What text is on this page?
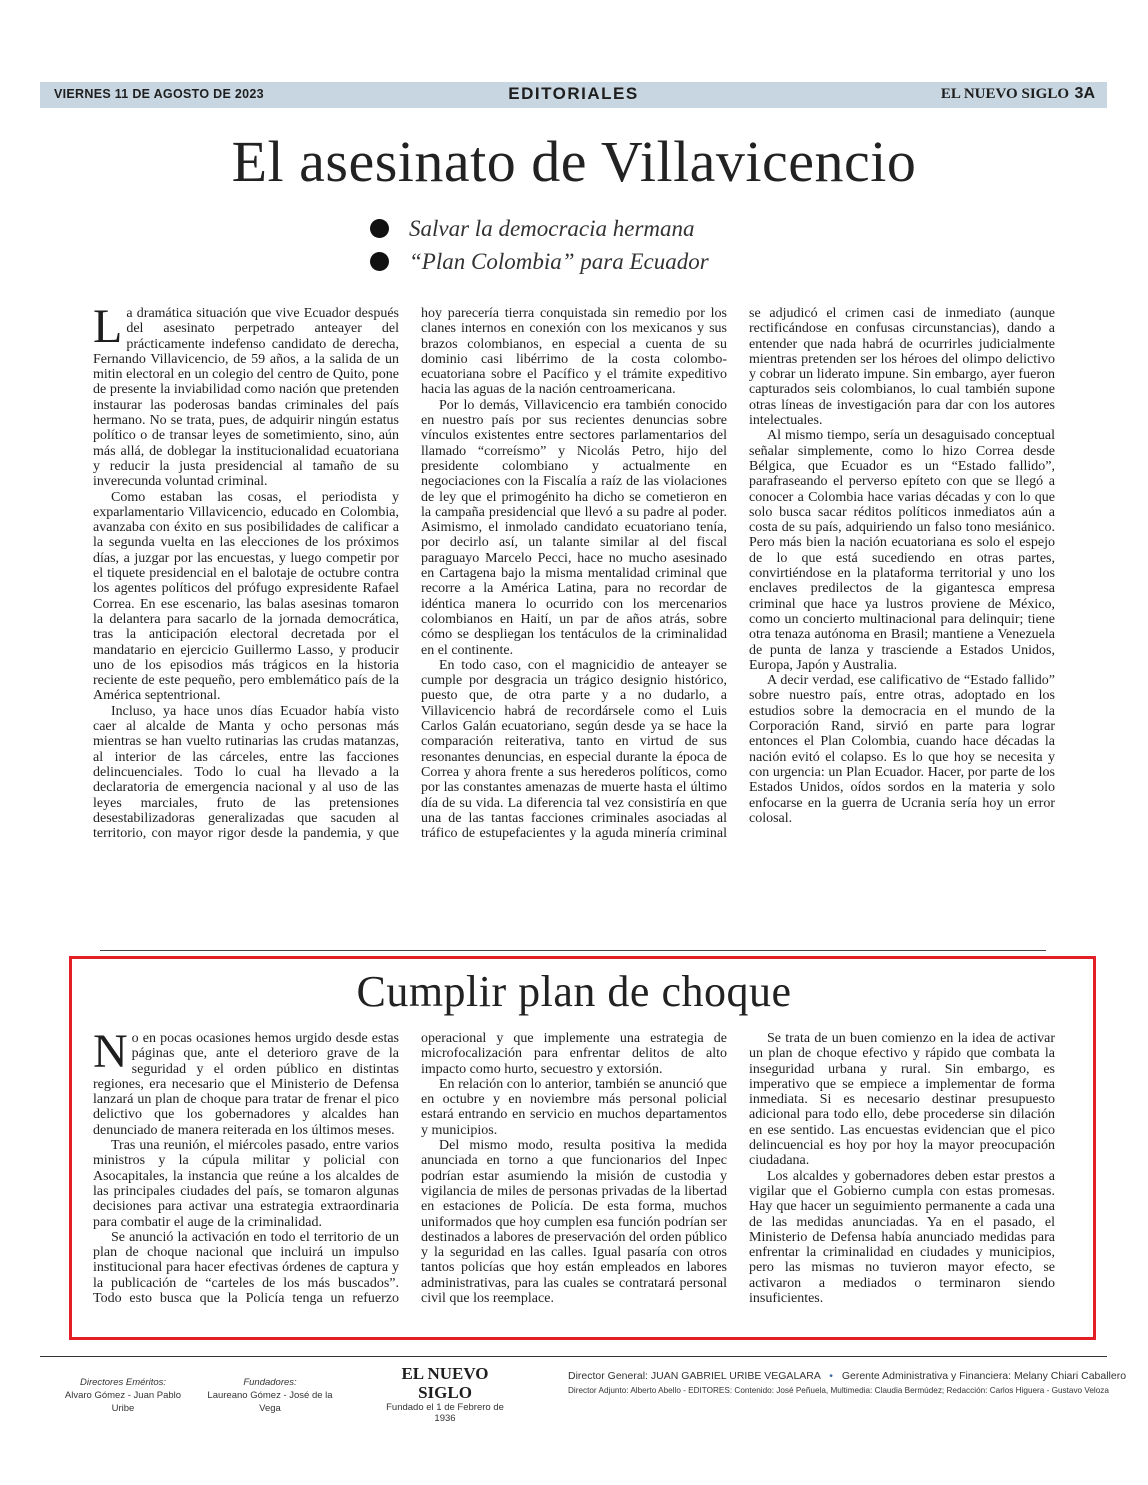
VIERNES 11 DE AGOSTO DE 2023	EDITORIALES	EL NUEVO SIGLO 3A
El asesinato de Villavicencio
Salvar la democracia hermana
“Plan Colombia” para Ecuador

La dramática situación que vive Ecuador después del asesinato perpetrado anteayer del prácticamente indefenso candidato de derecha, Fernando Villavicencio, de 59 años, a la salida de un mitin electoral en un colegio del centro de Quito, pone de presente la inviabilidad como nación que pretenden instaurar las poderosas bandas criminales del país hermano. No se trata, pues, de adquirir ningún estatus político o de transar leyes de sometimiento, sino, aún más allá, de doblegar la institucionalidad ecuatoriana y reducir la justa presidencial al tamaño de su inverecunda voluntad criminal.

Como estaban las cosas, el periodista y exparlamentario Villavicencio, educado en Colombia, avanzaba con éxito en sus posibilidades de calificar a la segunda vuelta en las elecciones de los próximos días, a juzgar por las encuestas, y luego competir por el tiquete presidencial en el balotaje de octubre contra los agentes políticos del prófugo expresidente Rafael Correa. En ese escenario, las balas asesinas tomaron la delantera para sacarlo de la jornada democrática, tras la anticipación electoral decretada por el mandatario en ejercicio Guillermo Lasso, y producir uno de los episodios más trágicos en la historia reciente de este pequeño, pero emblemático país de la América septentrional.

Incluso, ya hace unos días Ecuador había visto caer al alcalde de Manta y ocho personas más mientras se han vuelto rutinarias las crudas matanzas, al interior de las cárceles, entre las facciones delincuenciales. Todo lo cual ha llevado a la declaratoria de emergencia nacional y al uso de las leyes marciales, fruto de las pretensiones desestabilizadoras generalizadas que sacuden al territorio, con mayor rigor desde la pandemia, y que hoy parecería tierra conquistada sin remedio por los clanes internos en conexión con los mexicanos y sus brazos colombianos, en especial a cuenta de su dominio casi libérrimo de la costa colombo-ecuatoriana sobre el Pacífico y el trámite expeditivo hacia las aguas de la nación centroamericana.

Por lo demás, Villavicencio era también conocido en nuestro país por sus recientes denuncias sobre vínculos existentes entre sectores parlamentarios del llamado “correísmo” y Nicolás Petro, hijo del presidente colombiano y actualmente en negociaciones con la Fiscalía a raíz de las violaciones de ley que el primogénito ha dicho se cometieron en la campaña presidencial que llevó a su padre al poder. Asimismo, el inmolado candidato ecuatoriano tenía, por decirlo así, un talante similar al del fiscal paraguayo Marcelo Pecci, hace no mucho asesinado en Cartagena bajo la misma mentalidad criminal que recorre a la América Latina, para no recordar de idéntica manera lo ocurrido con los mercenarios colombianos en Haití, un par de años atrás, sobre cómo se despliegan los tentáculos de la criminalidad en el continente.

En todo caso, con el magnicidio de anteayer se cumple por desgracia un trágico designio histórico, puesto que, de otra parte y a no dudarlo, a Villavicencio habrá de recordársele como el Luis Carlos Galán ecuatoriano, según desde ya se hace la comparación reiterativa, tanto en virtud de sus resonantes denuncias, en especial durante la época de Correa y ahora frente a sus herederos políticos, como por las constantes amenazas de muerte hasta el último día de su vida. La diferencia tal vez consistiría en que una de las tantas facciones criminales asociadas al tráfico de estupefacientes y la aguda minería criminal se adjudicó el crimen casi de inmediato (aunque rectificándose en confusas circunstancias), dando a entender que nada habrá de ocurrirles judicialmente mientras pretenden ser los héroes del olimpo delictivo y cobrar un liderato impune. Sin embargo, ayer fueron capturados seis colombianos, lo cual también supone otras líneas de investigación para dar con los autores intelectuales.

Al mismo tiempo, sería un desaguisado conceptual señalar simplemente, como lo hizo Correa desde Bélgica, que Ecuador es un “Estado fallido”, parafraseando el perverso epíteto con que se llegó a conocer a Colombia hace varias décadas y con lo que solo busca sacar réditos políticos inmediatos aún a costa de su país, adquiriendo un falso tono mesiánico. Pero más bien la nación ecuatoriana es solo el espejo de lo que está sucediendo en otras partes, convirtiéndose en la plataforma territorial y uno los enclaves predilectos de la gigantesca empresa criminal que hace ya lustros proviene de México, como un concierto multinacional para delinquir; tiene otra tenaza autónoma en Brasil; mantiene a Venezuela de punta de lanza y trasciende a Estados Unidos, Europa, Japón y Australia.

A decir verdad, ese calificativo de “Estado fallido” sobre nuestro país, entre otras, adoptado en los estudios sobre la democracia en el mundo de la Corporación Rand, sirvió en parte para lograr entonces el Plan Colombia, cuando hace décadas la nación evitó el colapso. Es lo que hoy se necesita y con urgencia: un Plan Ecuador. Hacer, por parte de los Estados Unidos, oídos sordos en la materia y solo enfocarse en la guerra de Ucrania sería hoy un error colosal.

Cumplir plan de choque

No en pocas ocasiones hemos urgido desde estas páginas que, ante el deterioro grave de la seguridad y el orden público en distintas regiones, era necesario que el Ministerio de Defensa lanzará un plan de choque para tratar de frenar el pico delictivo que los gobernadores y alcaldes han denunciado de manera reiterada en los últimos meses.

Tras una reunión, el miércoles pasado, entre varios ministros y la cúpula militar y policial con Asocapitales, la instancia que reúne a los alcaldes de las principales ciudades del país, se tomaron algunas decisiones para activar una estrategia extraordinaria para combatir el auge de la criminalidad.

Se anunció la activación en todo el territorio de un plan de choque nacional que incluirá un impulso institucional para hacer efectivas órdenes de captura y la publicación de “carteles de los más buscados”. Todo esto busca que la Policía tenga un refuerzo operacional y que implemente una estrategia de microfocalización para enfrentar delitos de alto impacto como hurto, secuestro y extorsión.

En relación con lo anterior, también se anunció que en octubre y en noviembre más personal policial estará entrando en servicio en muchos departamentos y municipios.

Del mismo modo, resulta positiva la medida anunciada en torno a que funcionarios del Inpec podrían estar asumiendo la misión de custodia y vigilancia de miles de personas privadas de la libertad en estaciones de Policía. De esta forma, muchos uniformados que hoy cumplen esa función podrían ser destinados a labores de preservación del orden público y la seguridad en las calles. Igual pasaría con otros tantos policías que hoy están empleados en labores administrativas, para las cuales se contratará personal civil que los reemplace.

Se trata de un buen comienzo en la idea de activar un plan de choque efectivo y rápido que combata la inseguridad urbana y rural. Sin embargo, es imperativo que se empiece a implementar de forma inmediata. Si es necesario destinar presupuesto adicional para todo ello, debe procederse sin dilación en ese sentido. Las encuestas evidencian que el pico delincuencial es hoy por hoy la mayor preocupación ciudadana.

Los alcaldes y gobernadores deben estar prestos a vigilar que el Gobierno cumpla con estas promesas. Hay que hacer un seguimiento permanente a cada una de las medidas anunciadas. Ya en el pasado, el Ministerio de Defensa había anunciado medidas para enfrentar la criminalidad en ciudades y municipios, pero las mismas no tuvieron mayor efecto, se activaron a mediados o terminaron siendo insuficientes.

Directores Eméritos:
Alvaro Gómez - Juan Pablo Uribe
Fundadores:
Laureano Gómez - José de la Vega
EL NUEVO SIGLO
Fundado el 1 de Febrero de 1936
Director General: JUAN GABRIEL URIBE VEGALARA • Gerente Administrativa y Financiera: Melany Chiari Caballero
Director Adjunto: Alberto Abello - EDITORES: Contenido: José Peñuela, Multimedia: Claudia Bermúdez; Redacción: Carlos Higuera - Gustavo Veloza
